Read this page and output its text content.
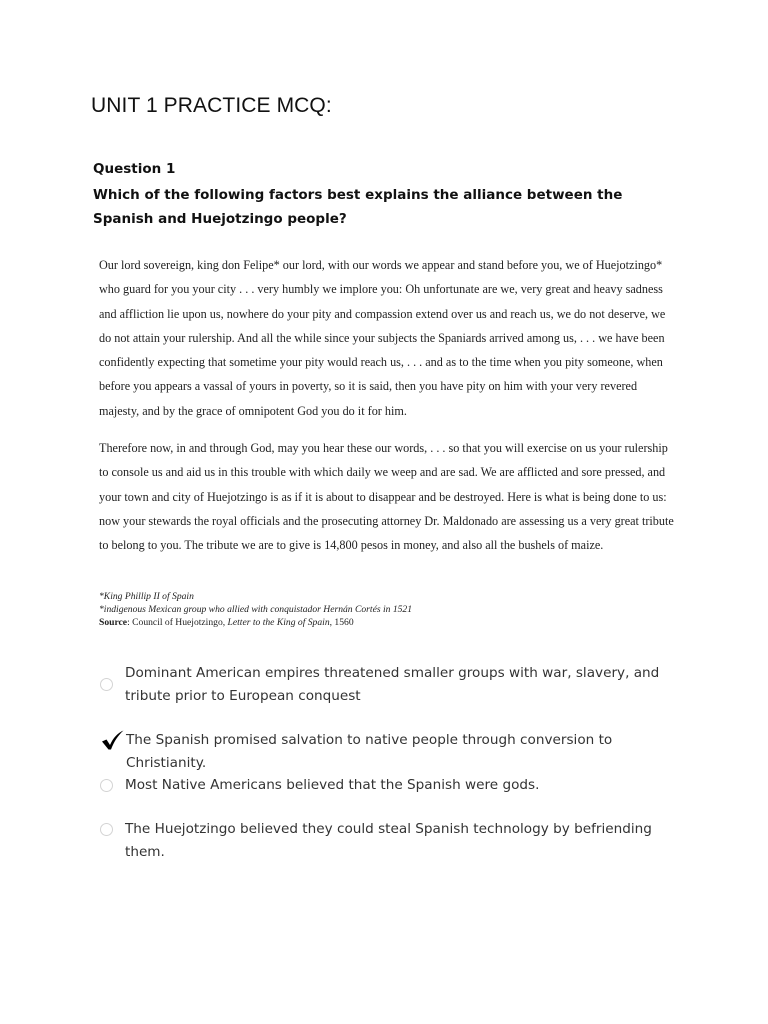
UNIT 1 PRACTICE MCQ:
Question 1
Which of the following factors best explains the alliance between the Spanish and Huejotzingo people?

Our lord sovereign, king don Felipe* our lord, with our words we appear and stand before you, we of Huejotzingo* who guard for you your city . . . very humbly we implore you: Oh unfortunate are we, very great and heavy sadness and affliction lie upon us, nowhere do your pity and compassion extend over us and reach us, we do not deserve, we do not attain your rulership. And all the while since your subjects the Spaniards arrived among us, . . . we have been confidently expecting that sometime your pity would reach us, . . . and as to the time when you pity someone, when before you appears a vassal of yours in poverty, so it is said, then you have pity on him with your very revered majesty, and by the grace of omnipotent God you do it for him.

Therefore now, in and through God, may you hear these our words, . . . so that you will exercise on us your rulership to console us and aid us in this trouble with which daily we weep and are sad. We are afflicted and sore pressed, and your town and city of Huejotzingo is as if it is about to disappear and be destroyed. Here is what is being done to us: now your stewards the royal officials and the prosecuting attorney Dr. Maldonado are assessing us a very great tribute to belong to you. The tribute we are to give is 14,800 pesos in money, and also all the bushels of maize.

*King Phillip II of Spain
*indigenous Mexican group who allied with conquistador Hernán Cortés in 1521
Source: Council of Huejotzingo, Letter to the King of Spain, 1560
Dominant American empires threatened smaller groups with war, slavery, and tribute prior to European conquest
The Spanish promised salvation to native people through conversion to Christianity.
Most Native Americans believed that the Spanish were gods.
The Huejotzingo believed they could steal Spanish technology by befriending them.
